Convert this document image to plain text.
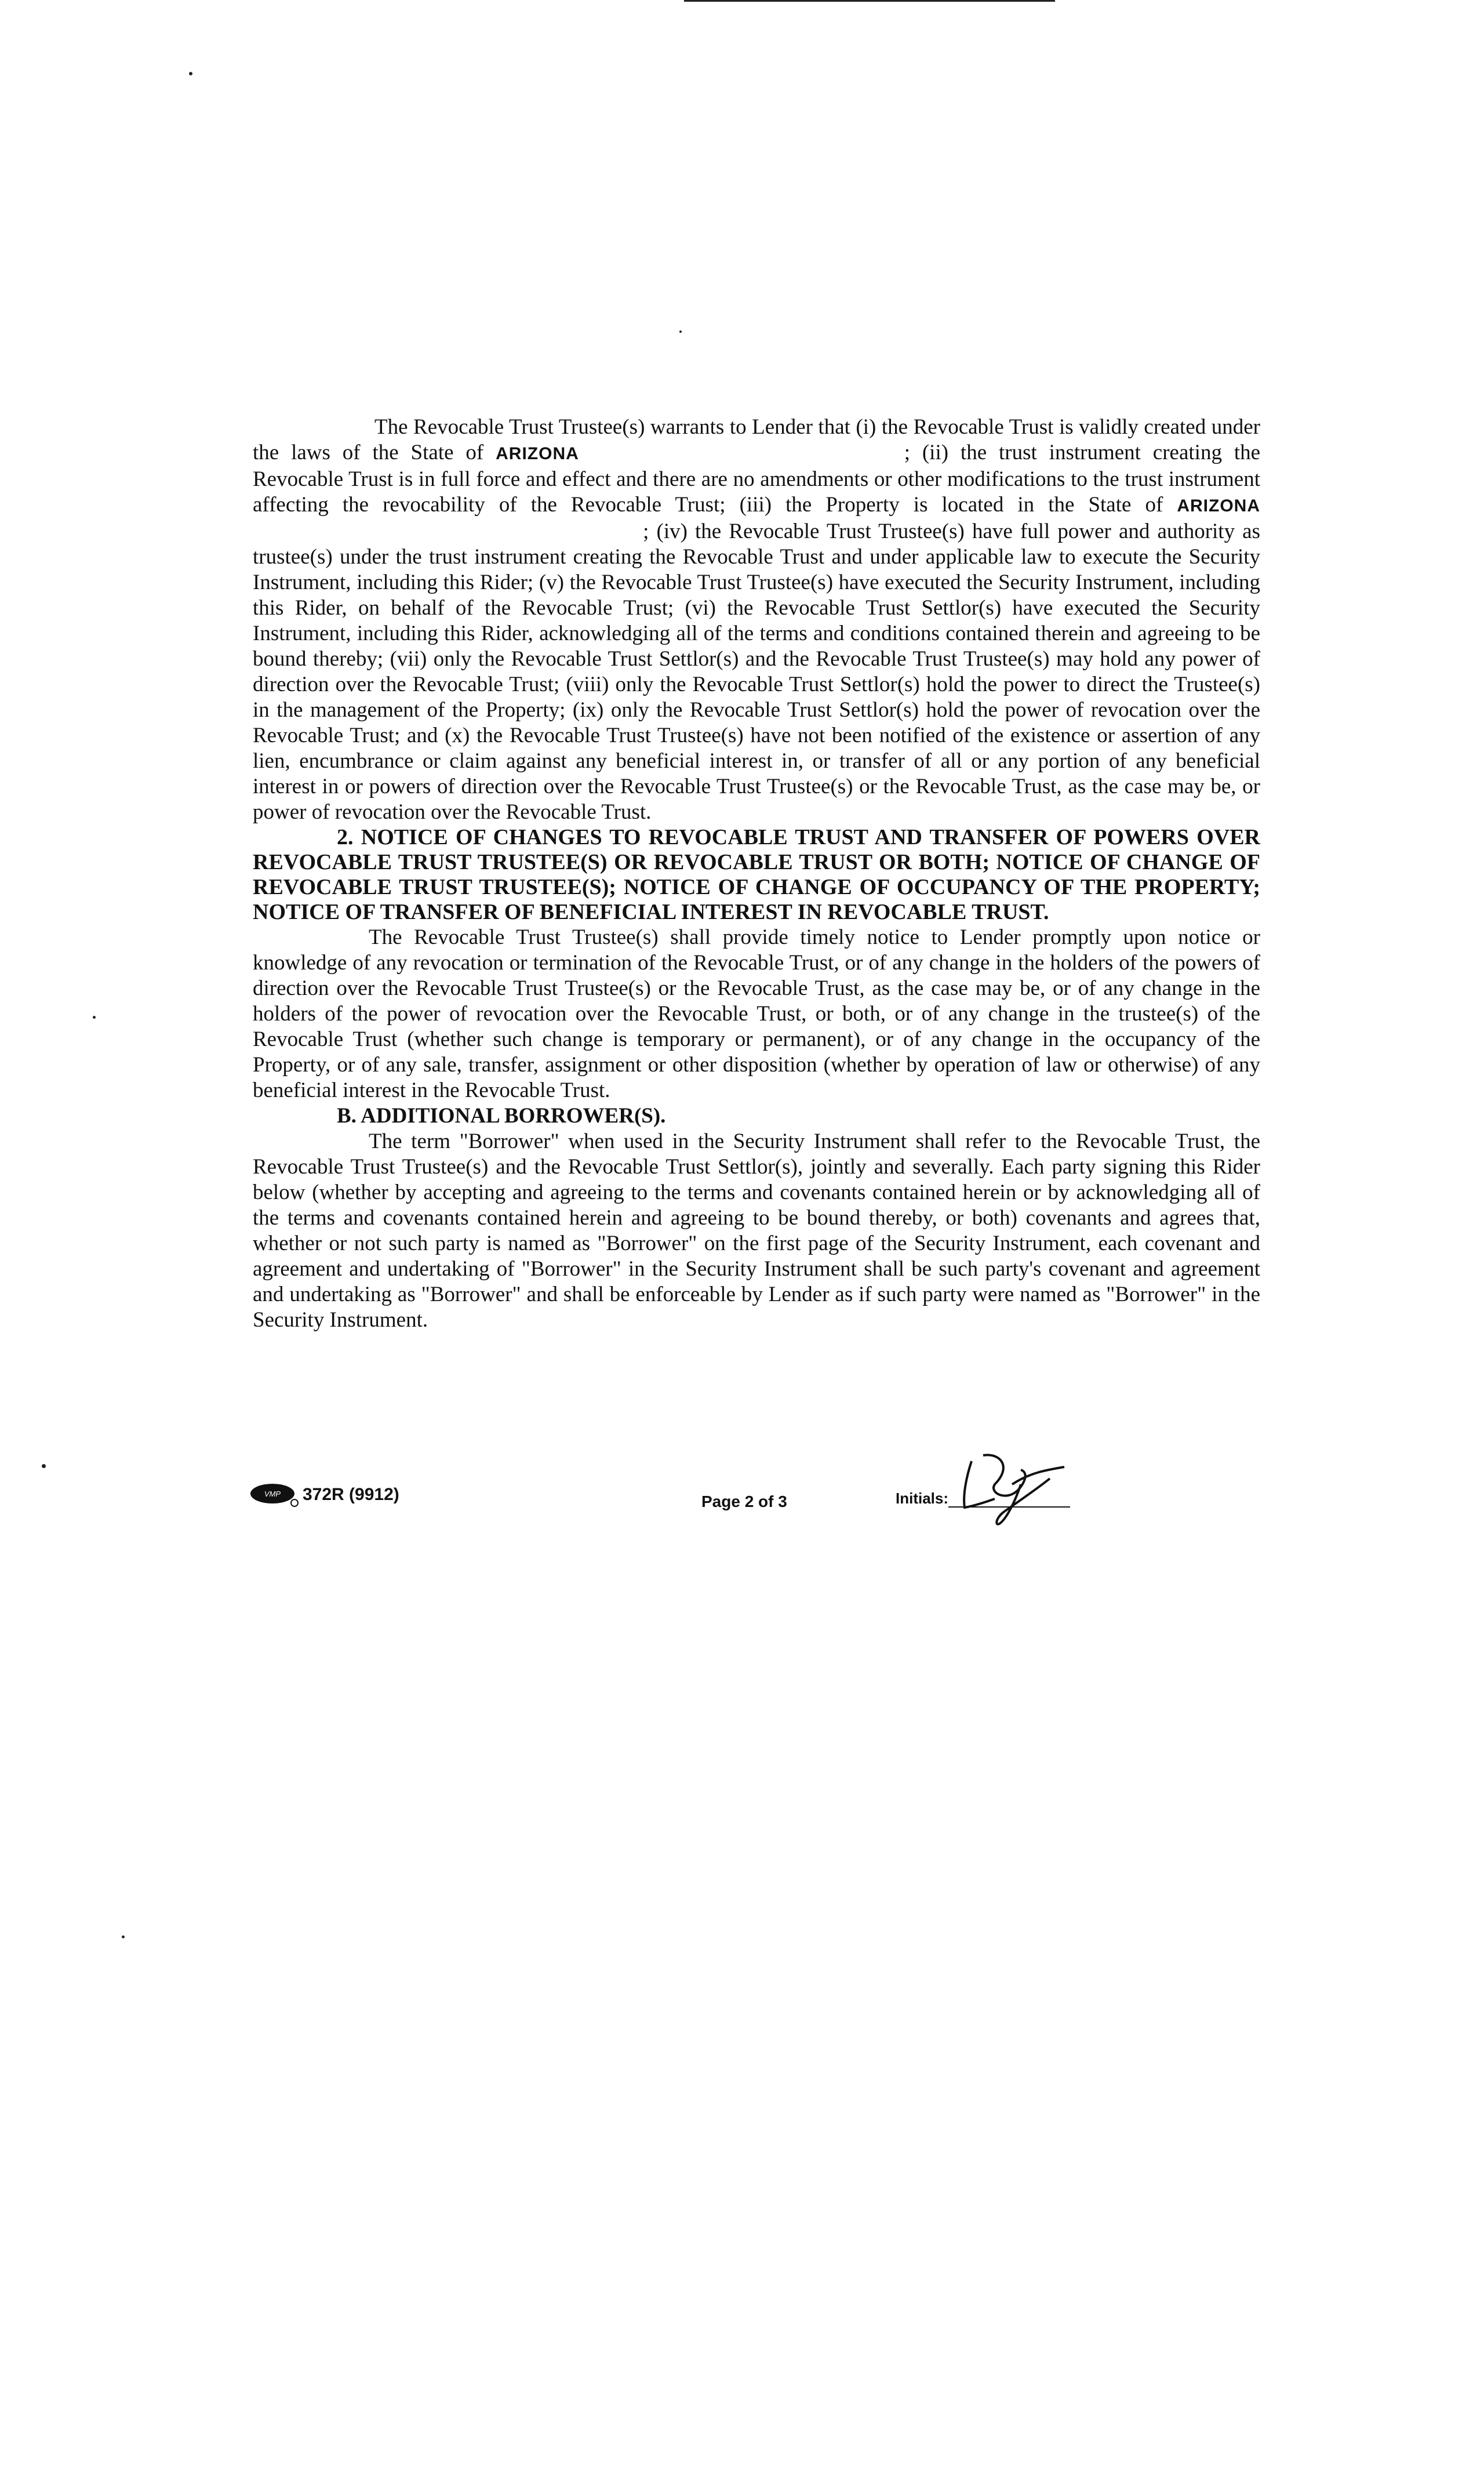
The Revocable Trust Trustee(s) warrants to Lender that (i) the Revocable Trust is validly created under the laws of the State of ARIZONA	; (ii) the trust instrument creating the Revocable Trust is in full force and effect and there are no amendments or other modifications to the trust instrument affecting the revocability of the Revocable Trust; (iii) the Property is located in the State of ARIZONA ; (iv) the Revocable Trust Trustee(s) have full power and authority as trustee(s) under the trust instrument creating the Revocable Trust and under applicable law to execute the Security Instrument, including this Rider; (v) the Revocable Trust Trustee(s) have executed the Security Instrument, including this Rider, on behalf of the Revocable Trust; (vi) the Revocable Trust Settlor(s) have executed the Security Instrument, including this Rider, acknowledging all of the terms and conditions contained therein and agreeing to be bound thereby; (vii) only the Revocable Trust Settlor(s) and the Revocable Trust Trustee(s) may hold any power of direction over the Revocable Trust; (viii) only the Revocable Trust Settlor(s) hold the power to direct the Trustee(s) in the management of the Property; (ix) only the Revocable Trust Settlor(s) hold the power of revocation over the Revocable Trust; and (x) the Revocable Trust Trustee(s) have not been notified of the existence or assertion of any lien, encumbrance or claim against any beneficial interest in, or transfer of all or any portion of any beneficial interest in or powers of direction over the Revocable Trust Trustee(s) or the Revocable Trust, as the case may be, or power of revocation over the Revocable Trust.

2. NOTICE OF CHANGES TO REVOCABLE TRUST AND TRANSFER OF POWERS OVER REVOCABLE TRUST TRUSTEE(S) OR REVOCABLE TRUST OR BOTH; NOTICE OF CHANGE OF REVOCABLE TRUST TRUSTEE(S); NOTICE OF CHANGE OF OCCUPANCY OF THE PROPERTY; NOTICE OF TRANSFER OF BENEFICIAL INTEREST IN REVOCABLE TRUST.

The Revocable Trust Trustee(s) shall provide timely notice to Lender promptly upon notice or knowledge of any revocation or termination of the Revocable Trust, or of any change in the holders of the powers of direction over the Revocable Trust Trustee(s) or the Revocable Trust, as the case may be, or of any change in the holders of the power of revocation over the Revocable Trust, or both, or of any change in the trustee(s) of the Revocable Trust (whether such change is temporary or permanent), or of any change in the occupancy of the Property, or of any sale, transfer, assignment or other disposition (whether by operation of law or otherwise) of any beneficial interest in the Revocable Trust.

B. ADDITIONAL BORROWER(S).

The term "Borrower" when used in the Security Instrument shall refer to the Revocable Trust, the Revocable Trust Trustee(s) and the Revocable Trust Settlor(s), jointly and severally. Each party signing this Rider below (whether by accepting and agreeing to the terms and covenants contained herein or by acknowledging all of the terms and covenants contained herein and agreeing to be bound thereby, or both) covenants and agrees that, whether or not such party is named as "Borrower" on the first page of the Security Instrument, each covenant and agreement and undertaking of "Borrower" in the Security Instrument shall be such party's covenant and agreement and undertaking as "Borrower" and shall be enforceable by Lender as if such party were named as "Borrower" in the Security Instrument.

VMP 372R (9912)	Page 2 of 3	Initials:
